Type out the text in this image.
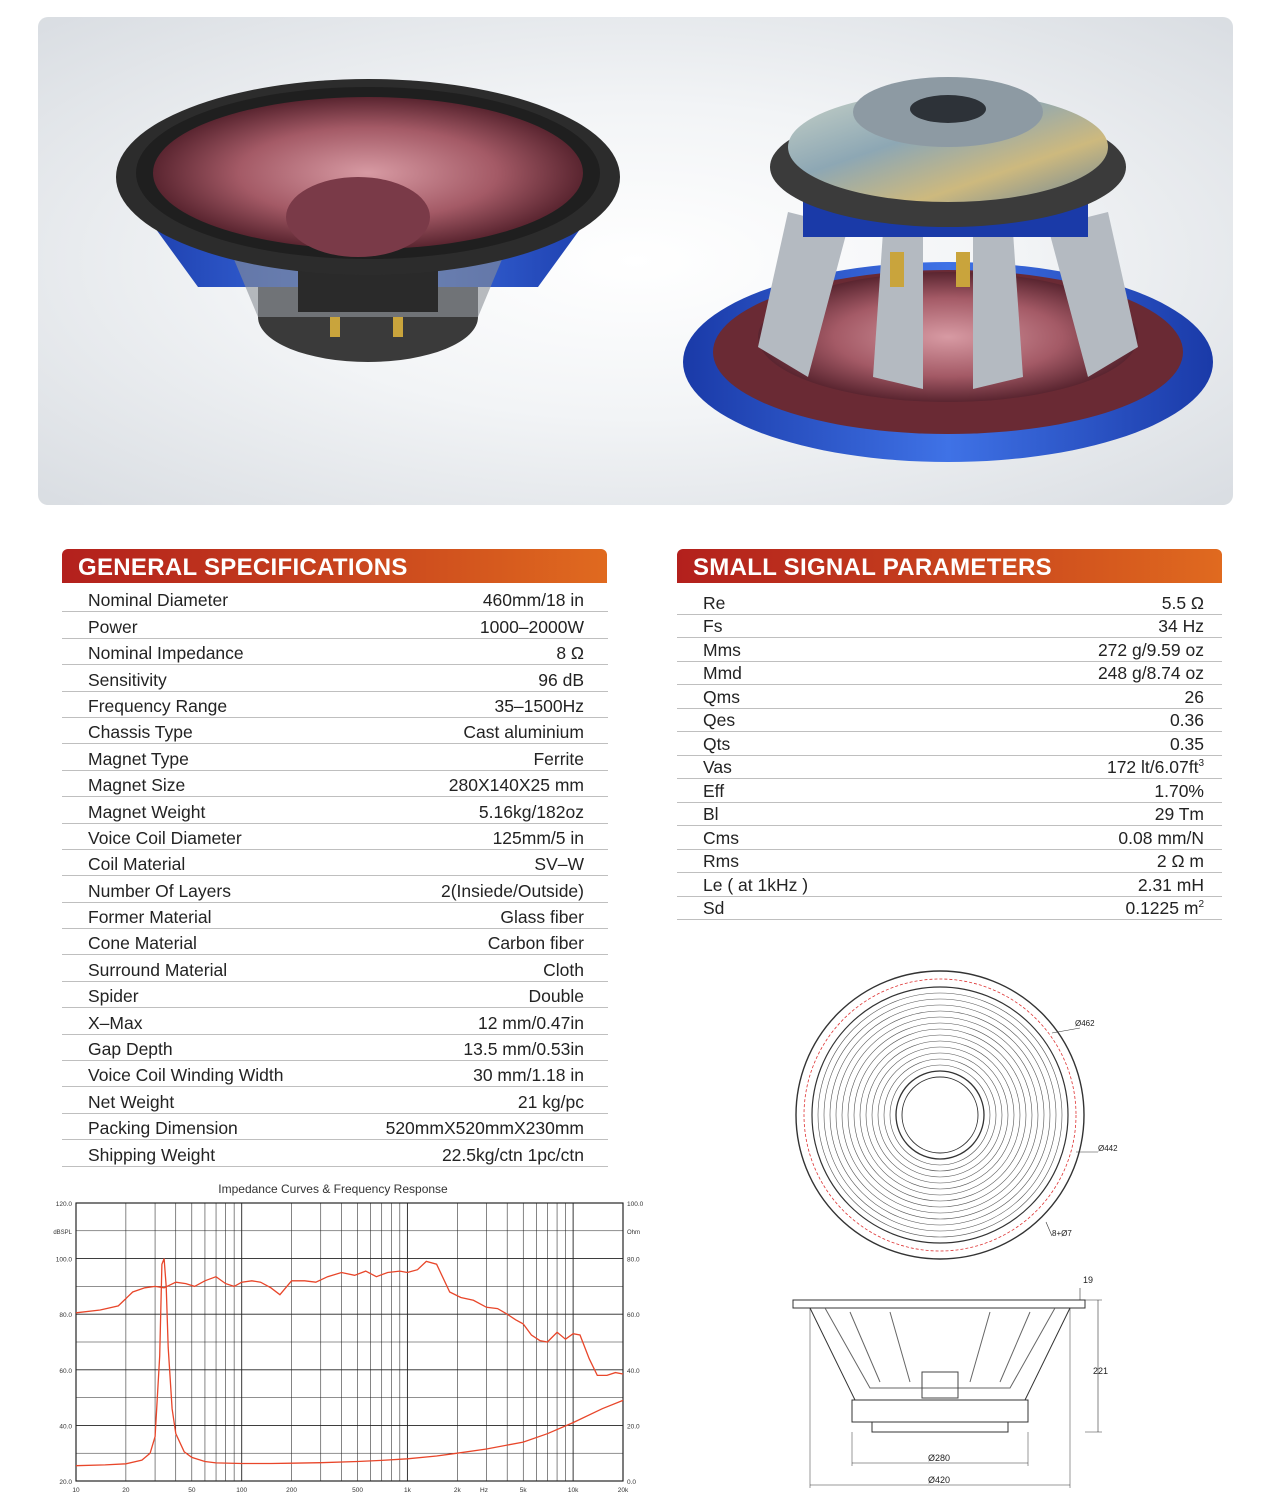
GENERAL SPECIFICATIONS
Nominal Diameter	460mm/18 in
Power	1000–2000W
Nominal Impedance	8 Ω
Sensitivity	96 dB
Frequency Range	35–1500Hz
Chassis Type	Cast aluminium
Magnet Type	Ferrite
Magnet Size	280X140X25 mm
Magnet Weight	5.16kg/182oz
Voice Coil Diameter	125mm/5 in
Coil Material	SV–W
Number Of Layers	2(Insiede/Outside)
Former Material	Glass fiber
Cone Material	Carbon fiber
Surround Material	Cloth
Spider	Double
X–Max	12 mm/0.47in
Gap Depth	13.5 mm/0.53in
Voice Coil Winding Width	30 mm/1.18 in
Net Weight	21 kg/pc
Packing Dimension	520mmX520mmX230mm
Shipping Weight	22.5kg/ctn 1pc/ctn
SMALL SIGNAL PARAMETERS
Re	5.5 Ω
Fs	34 Hz
Mms	272 g/9.59 oz
Mmd	248 g/8.74 oz
Qms	26
Qes	0.36
Qts	0.35
Vas	172 $lt/6.07ft^3$
Eff	1.70%
Bl	29 Tm
Cms	0.08 mm/N
Rms	2 Ω m
Le ( at 1kHz )	2.31 mH
Sd	0.1225 $m^2$
Impedance Curves & Frequency Response
10	20	50	100	200	500	1k	2k	5k	10k	20k
Hz
20.0
40.0
60.0
80.0
100.0
120.0
dBSPL
0.0
20.0
40.0
60.0
80.0
100.0
Ohm
Ø462
Ø442
8+Ø7
19
221
Ø280
Ø420
